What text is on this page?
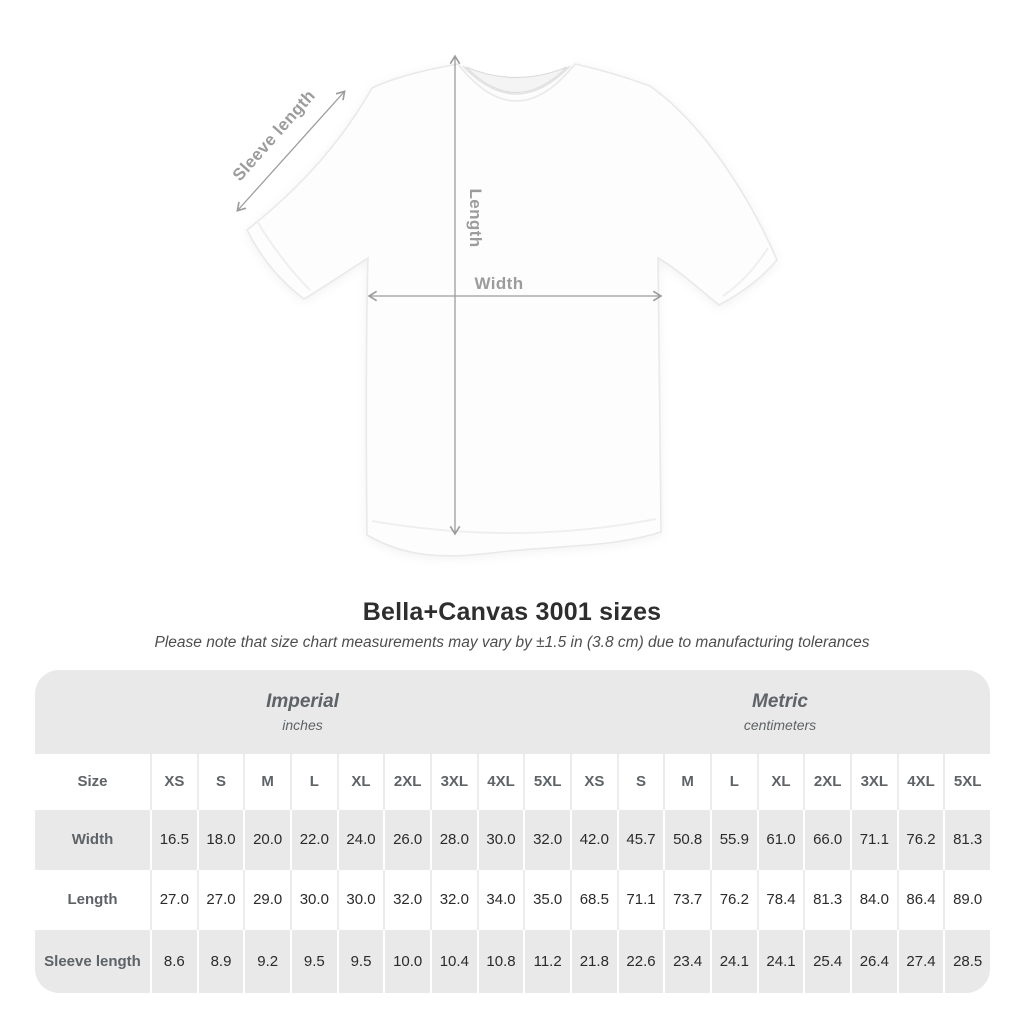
Width
Length
Sleeve length
Bella+Canvas 3001 sizes
Please note that size chart measurements may vary by ±1.5 in (3.8 cm) due to manufacturing tolerances
Imperial
inches
Metric
centimeters
Size	XS	S	M	L	XL	2XL	3XL	4XL	5XL	XS	S	M	L	XL	2XL	3XL	4XL	5XL
Width	16.5	18.0	20.0	22.0	24.0	26.0	28.0	30.0	32.0	42.0	45.7	50.8	55.9	61.0	66.0	71.1	76.2	81.3
Length	27.0	27.0	29.0	30.0	30.0	32.0	32.0	34.0	35.0	68.5	71.1	73.7	76.2	78.4	81.3	84.0	86.4	89.0
Sleeve length	8.6	8.9	9.2	9.5	9.5	10.0	10.4	10.8	11.2	21.8	22.6	23.4	24.1	24.1	25.4	26.4	27.4	28.5
